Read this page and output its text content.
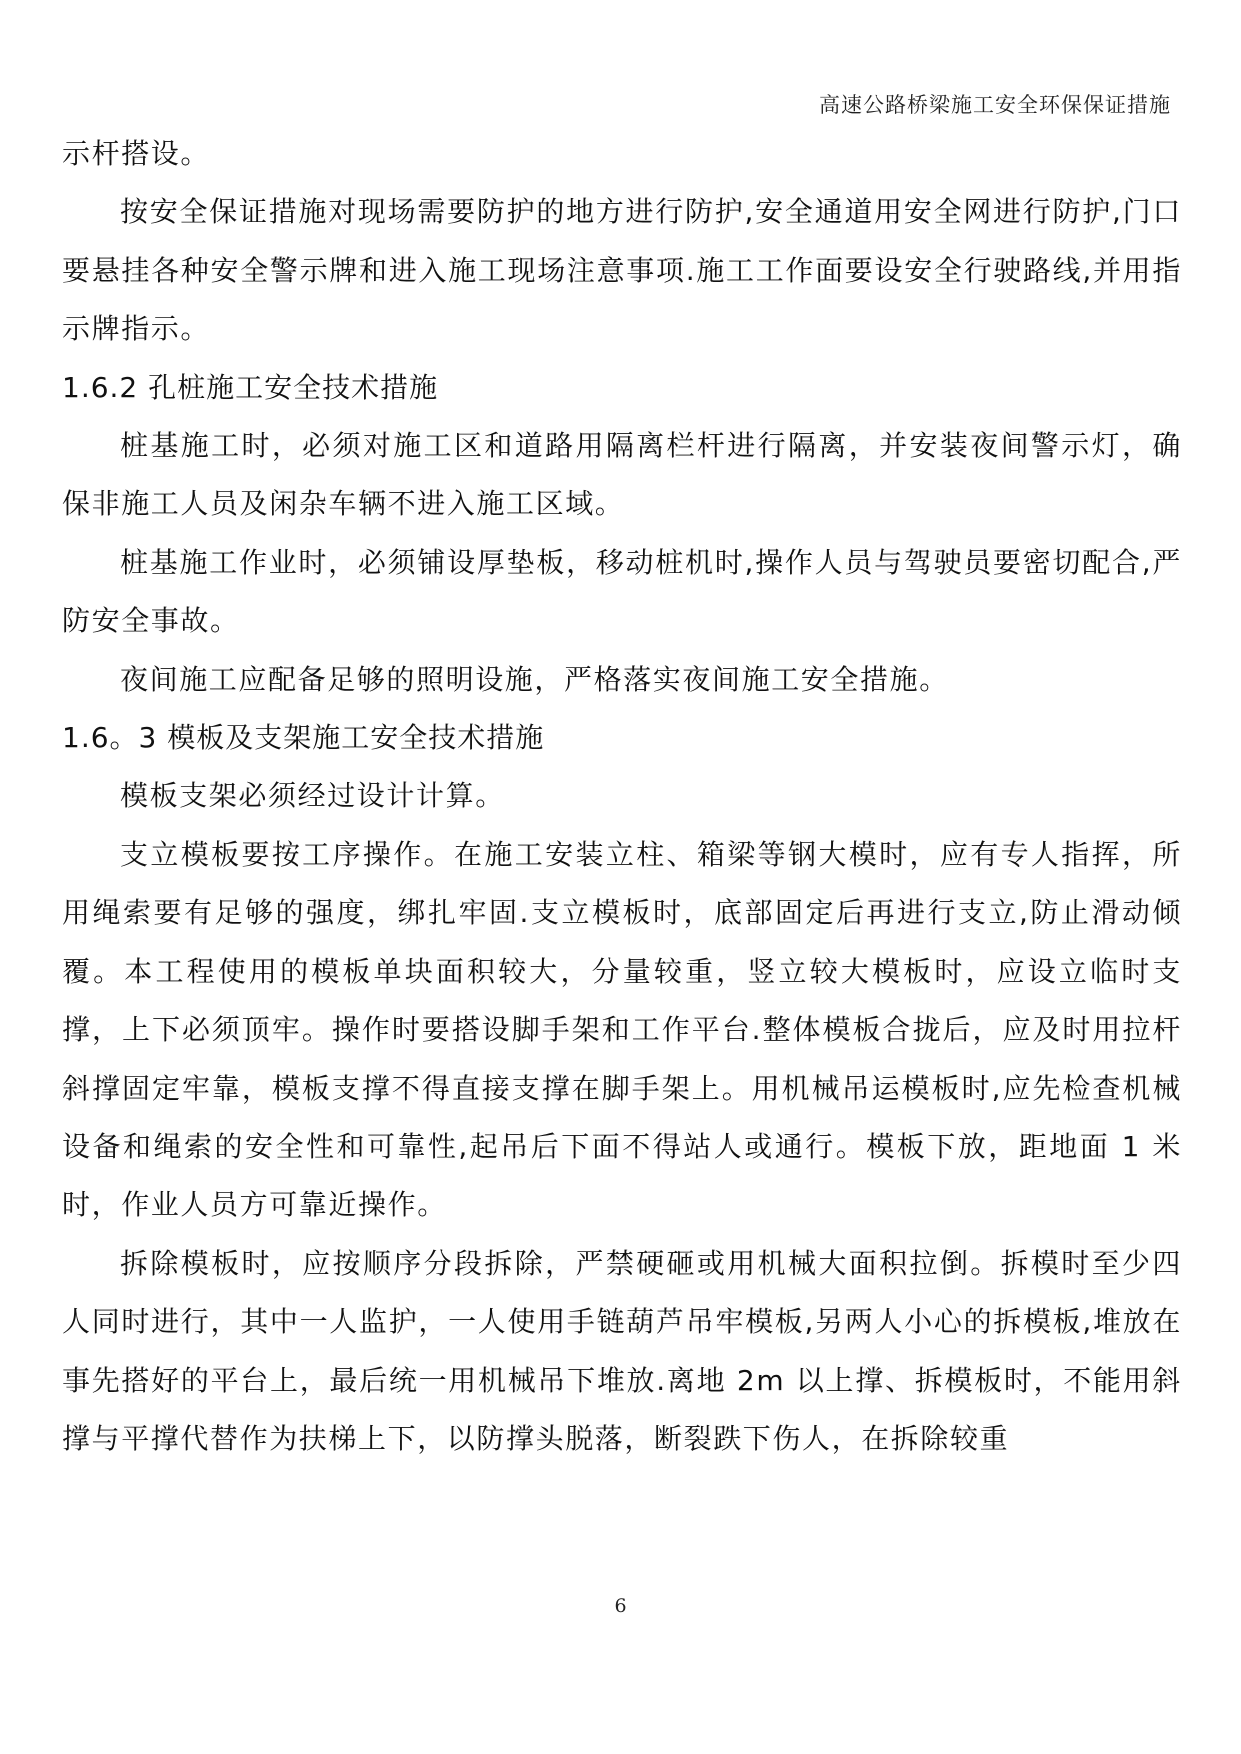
高速公路桥梁施工安全环保保证措施

示杆搭设。

按安全保证措施对现场需要防护的地方进行防护,安全通道用安全网进行防护,门口要悬挂各种安全警示牌和进入施工现场注意事项.施工工作面要设安全行驶路线,并用指示牌指示。

1.6.2 孔桩施工安全技术措施

桩基施工时，必须对施工区和道路用隔离栏杆进行隔离，并安装夜间警示灯，确保非施工人员及闲杂车辆不进入施工区域。

桩基施工作业时，必须铺设厚垫板，移动桩机时,操作人员与驾驶员要密切配合,严防安全事故。

夜间施工应配备足够的照明设施，严格落实夜间施工安全措施。

1.6。3 模板及支架施工安全技术措施

模板支架必须经过设计计算。

支立模板要按工序操作。在施工安装立柱、箱梁等钢大模时，应有专人指挥，所用绳索要有足够的强度，绑扎牢固.支立模板时，底部固定后再进行支立,防止滑动倾覆。本工程使用的模板单块面积较大，分量较重，竖立较大模板时，应设立临时支撑，上下必须顶牢。操作时要搭设脚手架和工作平台.整体模板合拢后，应及时用拉杆斜撑固定牢靠，模板支撑不得直接支撑在脚手架上。用机械吊运模板时,应先检查机械设备和绳索的安全性和可靠性,起吊后下面不得站人或通行。模板下放，距地面 1 米时，作业人员方可靠近操作。

拆除模板时，应按顺序分段拆除，严禁硬砸或用机械大面积拉倒。拆模时至少四人同时进行，其中一人监护，一人使用手链葫芦吊牢模板,另两人小心的拆模板,堆放在事先搭好的平台上，最后统一用机械吊下堆放.离地 2m 以上撑、拆模板时，不能用斜撑与平撑代替作为扶梯上下，以防撑头脱落，断裂跌下伤人，在拆除较重

6
